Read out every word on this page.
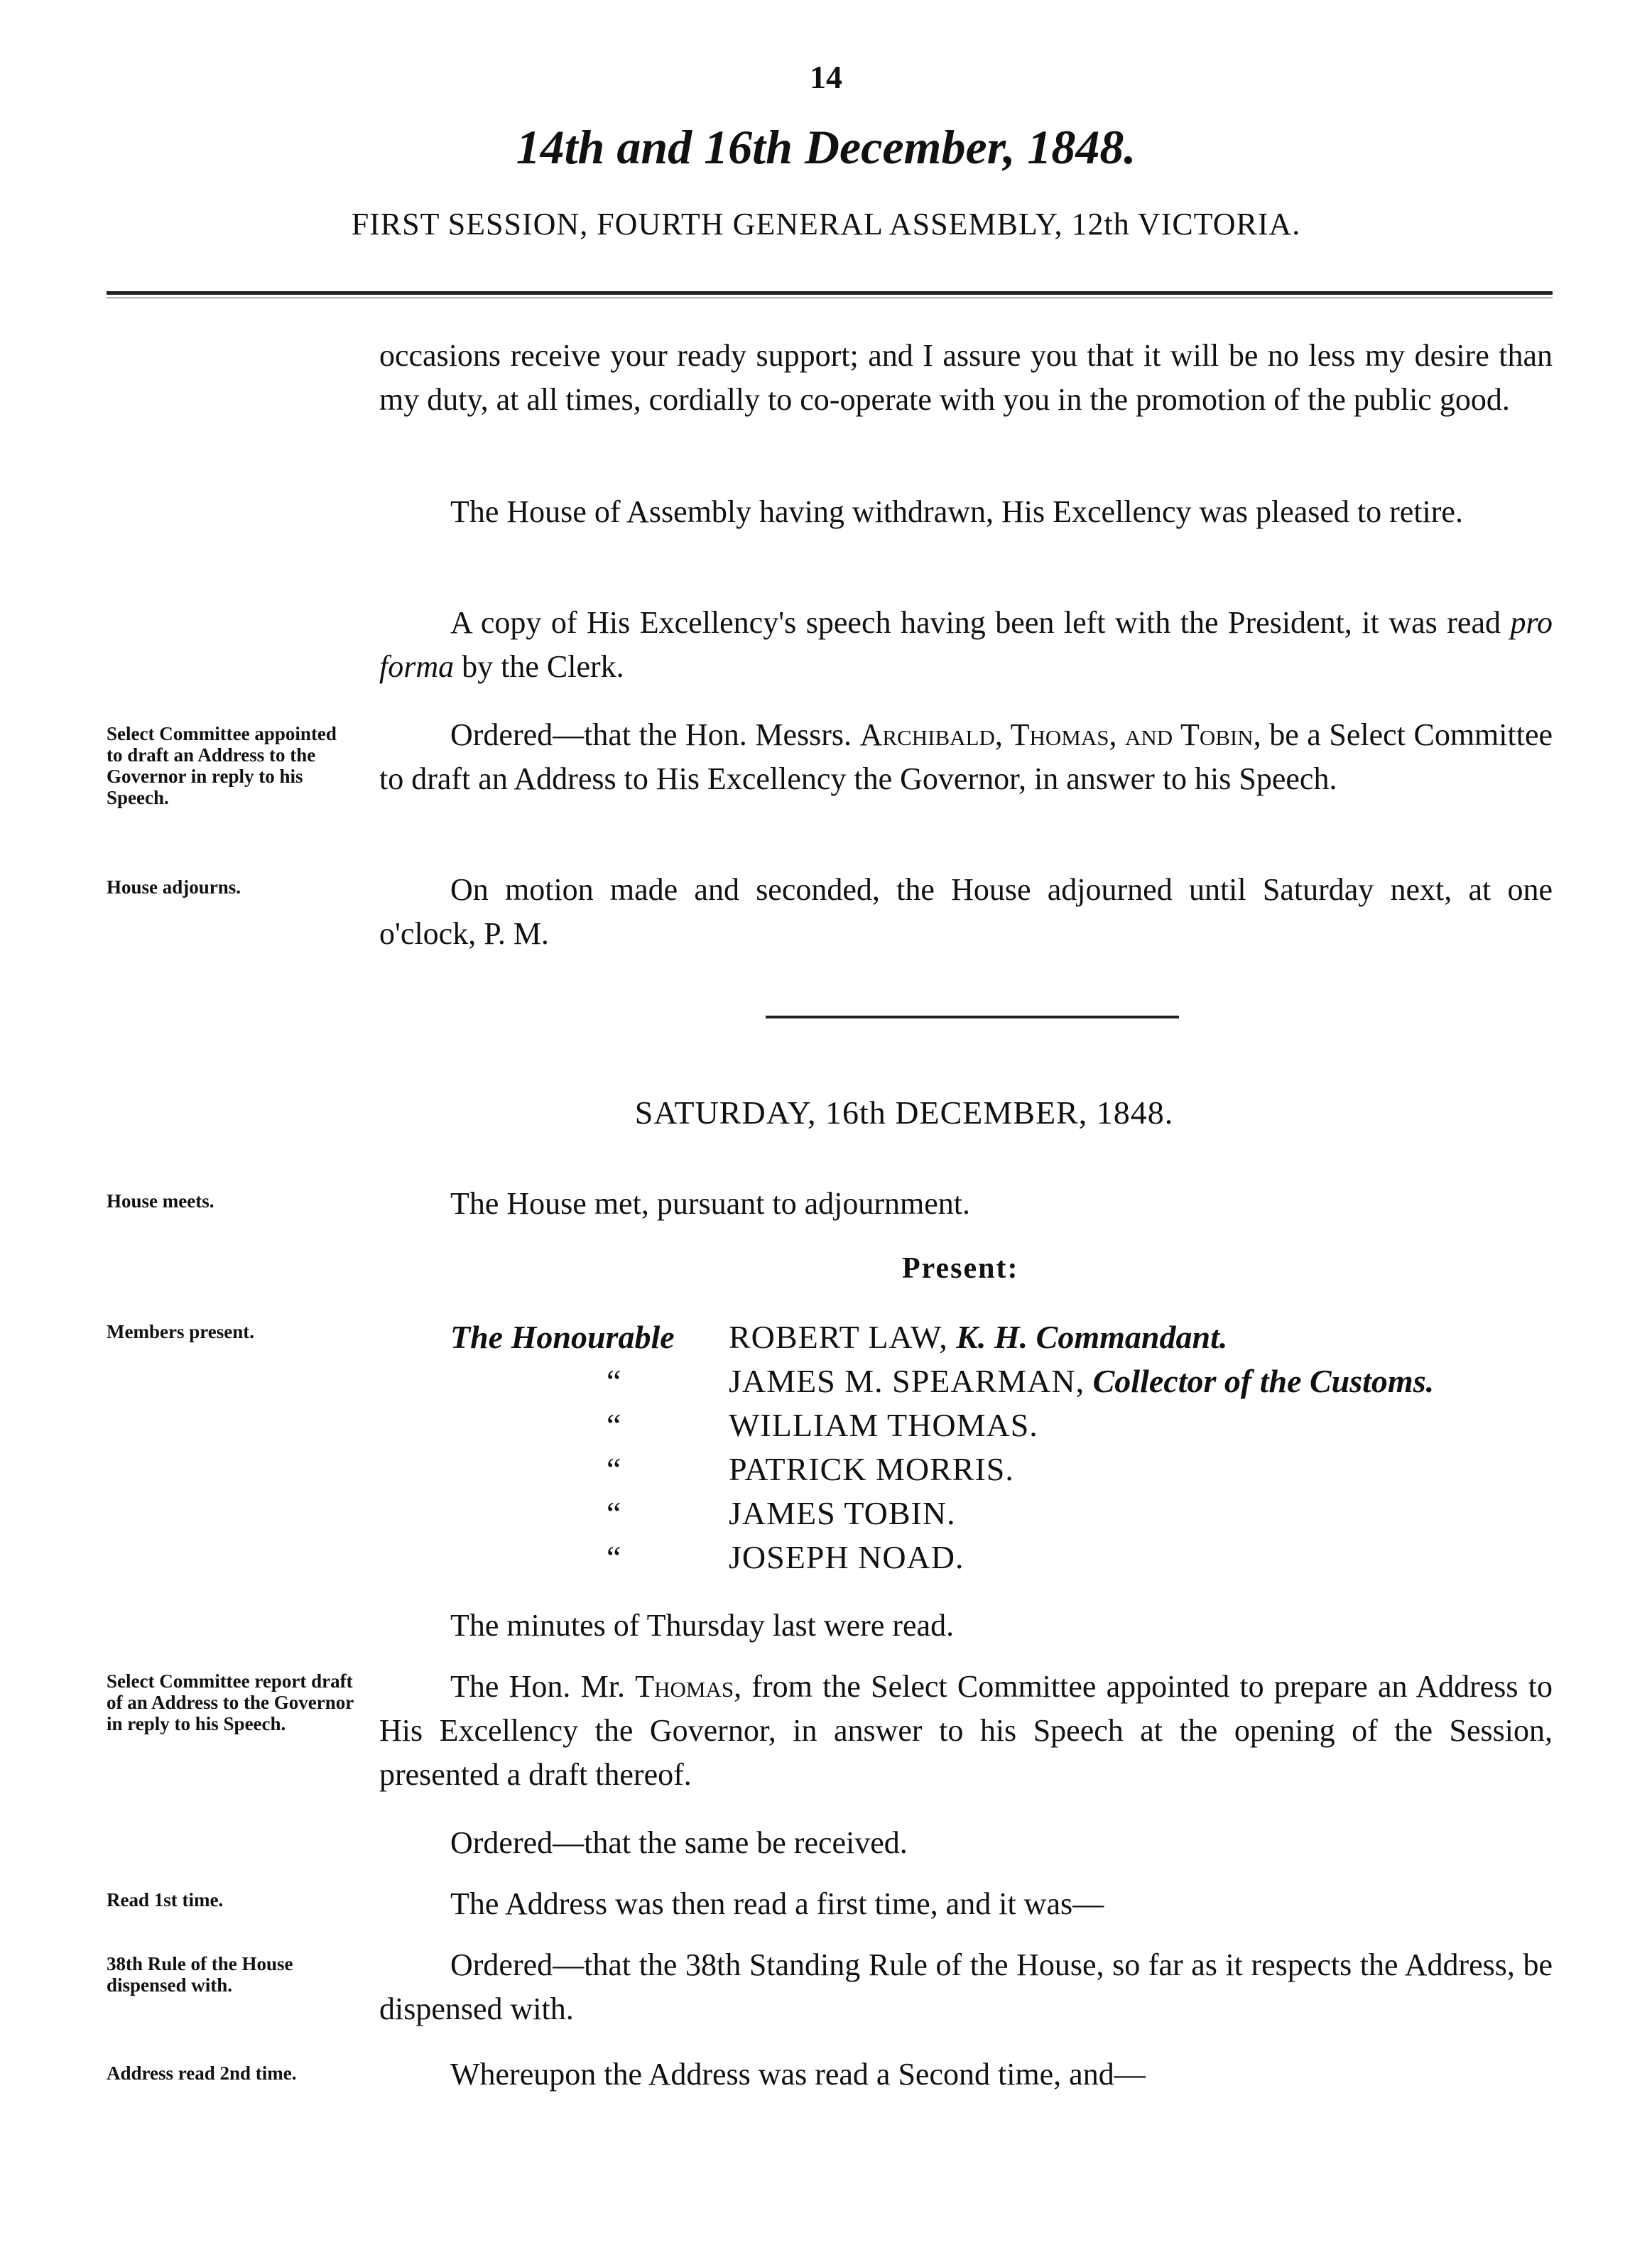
14
14th and 16th December, 1848.
FIRST SESSION, FOURTH GENERAL ASSEMBLY, 12th VICTORIA.
occasions receive your ready support; and I assure you that it will be no less my desire than my duty, at all times, cordially to co-operate with you in the promotion of the public good.
The House of Assembly having withdrawn, His Excellency was pleased to retire.
A copy of His Excellency's speech having been left with the President, it was read pro forma by the Clerk.
Select Committee appointed to draft an Address to the Governor in reply to his Speech.
Ordered—that the Hon. Messrs. Archibald, Thomas, and Tobin, be a Select Committee to draft an Address to His Excellency the Governor, in answer to his Speech.
House adjourns.	On motion made and seconded, the House adjourned until Saturday next, at one o'clock, P. M.
SATURDAY, 16th DECEMBER, 1848.
House meets.	The House met, pursuant to adjournment.
Present:
Members present.	The Honourable ROBERT LAW, K. H. Commandant.
“	JAMES M. SPEARMAN, Collector of the Customs.
“	WILLIAM THOMAS.
“	PATRICK MORRIS.
“	JAMES TOBIN.
“	JOSEPH NOAD.
The minutes of Thursday last were read.
Select Committee report draft of an Address to the Governor in reply to his Speech.
The Hon. Mr. Thomas, from the Select Committee appointed to prepare an Address to His Excellency the Governor, in answer to his Speech at the opening of the Session, presented a draft thereof.
Ordered—that the same be received.
Read 1st time.	The Address was then read a first time, and it was—
38th Rule of the House dispensed with.
Ordered—that the 38th Standing Rule of the House, so far as it respects the Address, be dispensed with.
Address read 2nd time.	Whereupon the Address was read a Second time, and—
